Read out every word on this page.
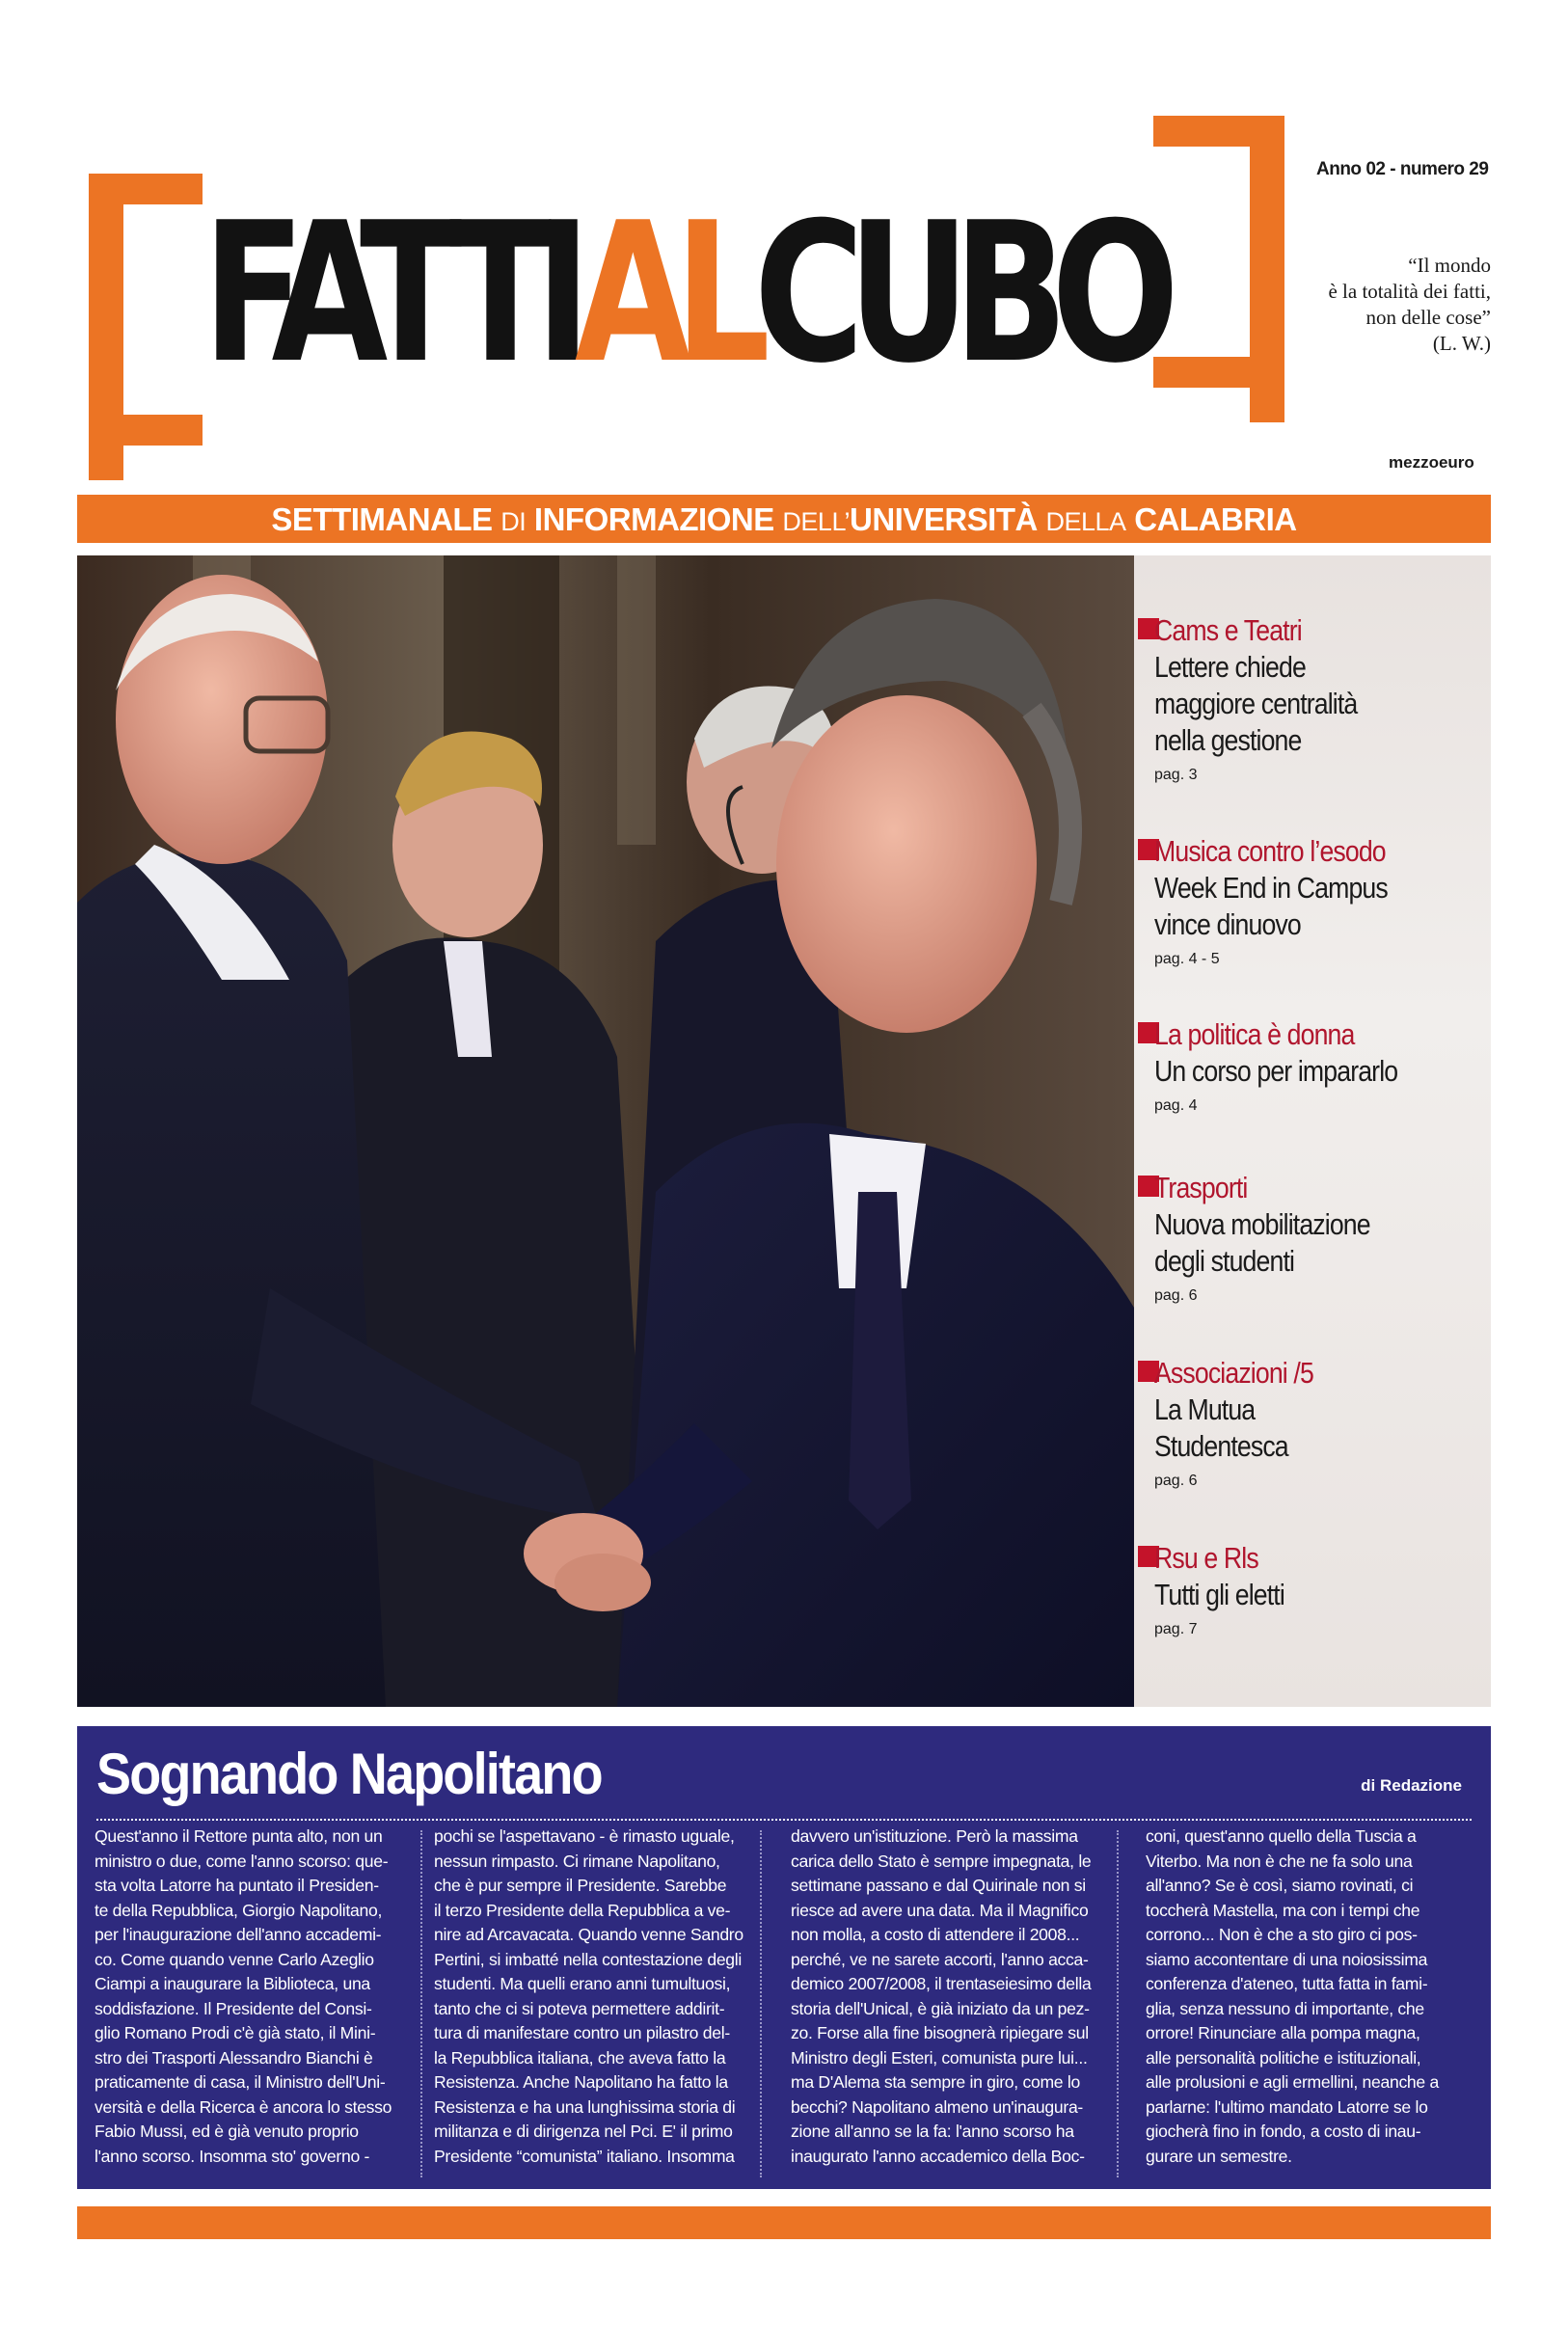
FATTIALCUBO
Anno 02 - numero 29

“Il mondo

è la totalità dei fatti,

non delle cose”

(L. W.)

mezzoeuro
SETTIMANALE DI INFORMAZIONE DELL’UNIVERSITÀ DELLA CALABRIA
Cams e Teatri
Lettere chiede
maggiore centralità
nella gestione
pag. 3
Musica contro l’esodo
Week End in Campus
vince dinuovo
pag. 4 - 5
La politica è donna
Un corso per impararlo
pag. 4
Trasporti
Nuova mobilitazione
degli studenti
pag. 6
Associazioni /5
La Mutua
Studentesca
pag. 6
Rsu e Rls
Tutti gli eletti
pag. 7
Sognando Napolitano	di Redazione
Quest'anno il Rettore punta alto, non un
ministro o due, come l'anno scorso: que-
sta volta Latorre ha puntato il Presiden-
te della Repubblica, Giorgio Napolitano,
per l'inaugurazione dell'anno accademi-
co. Come quando venne Carlo Azeglio
Ciampi a inaugurare la Biblioteca, una
soddisfazione. Il Presidente del Consi-
glio Romano Prodi c'è già stato, il Mini-
stro dei Trasporti Alessandro Bianchi è
praticamente di casa, il Ministro dell'Uni-
versità e della Ricerca è ancora lo stesso
Fabio Mussi, ed è già venuto proprio
l'anno scorso. Insomma sto' governo -
pochi se l'aspettavano - è rimasto uguale,
nessun rimpasto. Ci rimane Napolitano,
che è pur sempre il Presidente. Sarebbe
il terzo Presidente della Repubblica a ve-
nire ad Arcavacata. Quando venne Sandro
Pertini, si imbatté nella contestazione degli
studenti. Ma quelli erano anni tumultuosi,
tanto che ci si poteva permettere addirit-
tura di manifestare contro un pilastro del-
la Repubblica italiana, che aveva fatto la
Resistenza. Anche Napolitano ha fatto la
Resistenza e ha una lunghissima storia di
militanza e di dirigenza nel Pci. E' il primo
Presidente “comunista” italiano. Insomma
davvero un'istituzione. Però la massima
carica dello Stato è sempre impegnata, le
settimane passano e dal Quirinale non si
riesce ad avere una data. Ma il Magnifico
non molla, a costo di attendere il 2008...
perché, ve ne sarete accorti, l'anno acca-
demico 2007/2008, il trentaseiesimo della
storia dell'Unical, è già iniziato da un pez-
zo. Forse alla fine bisognerà ripiegare sul
Ministro degli Esteri, comunista pure lui...
ma D'Alema sta sempre in giro, come lo
becchi? Napolitano almeno un'inaugura-
zione all'anno se la fa: l'anno scorso ha
inaugurato l'anno accademico della Boc-
coni, quest'anno quello della Tuscia a
Viterbo. Ma non è che ne fa solo una
all'anno? Se è così, siamo rovinati, ci
toccherà Mastella, ma con i tempi che
corrono... Non è che a sto giro ci pos-
siamo accontentare di una noiosissima
conferenza d'ateneo, tutta fatta in fami-
glia, senza nessuno di importante, che
orrore! Rinunciare alla pompa magna,
alle personalità politiche e istituzionali,
alle prolusioni e agli ermellini, neanche a
parlarne: l'ultimo mandato Latorre se lo
giocherà fino in fondo, a costo di inau-
gurare un semestre.
